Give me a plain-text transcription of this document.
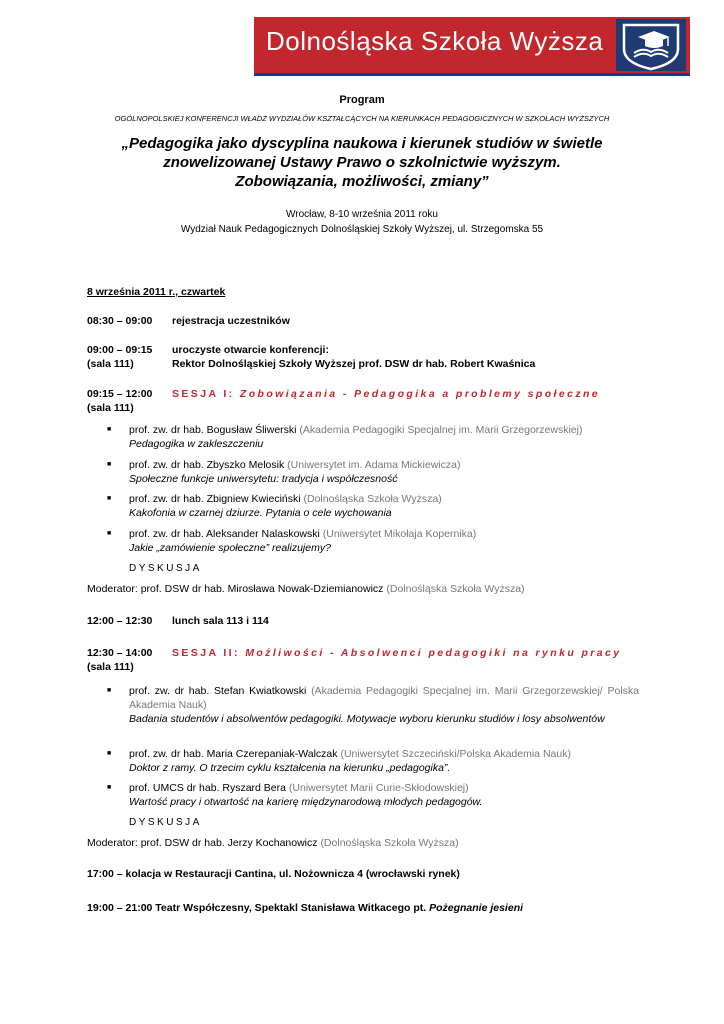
Dolnośląska Szkoła Wyższa
Program
OGÓLNOPOLSKIEJ KONFERENCJI WŁADZ WYDZIAŁÓW KSZTAŁCĄCYCH NA KIERUNKACH PEDAGOGICZNYCH W SZKOŁACH WYŻSZYCH
„Pedagogika jako dyscyplina naukowa i kierunek studiów w świetle
znowelizowanej Ustawy Prawo o szkolnictwie wyższym.
Zobowiązania, możliwości, zmiany”
Wrocław, 8-10 września 2011 roku
Wydział Nauk Pedagogicznych Dolnośląskiej Szkoły Wyższej, ul. Strzegomska 55
8 września 2011 r., czwartek
08:30 – 09:00 rejestracja uczestników
09:00 – 09:15
(sala 111)
uroczyste otwarcie konferencji:
Rektor Dolnośląskiej Szkoły Wyższej prof. DSW dr hab. Robert Kwaśnica
09:15 – 12:00
(sala 111)
SESJA I: Zobowiązania - Pedagogika a problemy społeczne
■ prof. zw. dr hab. Bogusław Śliwerski (Akademia Pedagogiki Specjalnej im. Marii Grzegorzewskiej)
Pedagogika w zakleszczeniu
■ prof. zw. dr hab. Zbyszko Melosik (Uniwersytet im. Adama Mickiewicza)
Społeczne funkcje uniwersytetu: tradycja i współczesność
■ prof. zw. dr hab. Zbigniew Kwieciński (Dolnośląska Szkoła Wyższa)
Kakofonia w czarnej dziurze. Pytania o cele wychowania
■ prof. zw. dr hab. Aleksander Nalaskowski (Uniwersytet Mikołaja Kopernika)
Jakie „zamówienie społeczne” realizujemy?
DYSKUSJA
Moderator: prof. DSW dr hab. Mirosława Nowak-Dziemianowicz (Dolnośląska Szkoła Wyższa)
12:00 – 12:30 lunch sala 113 i 114
12:30 – 14:00
(sala 111)
SESJA II: Możliwości - Absolwenci pedagogiki na rynku pracy
■ prof. zw. dr hab. Stefan Kwiatkowski (Akademia Pedagogiki Specjalnej im. Marii Grzegorzewskiej/ Polska Akademia Nauk)
Badania studentów i absolwentów pedagogiki. Motywacje wyboru kierunku studiów i losy absolwentów
■ prof. zw. dr hab. Maria Czerepaniak-Walczak (Uniwersytet Szczeciński/Polska Akademia Nauk)
Doktor z ramy. O trzecim cyklu kształcenia na kierunku „pedagogika”.
■ prof. UMCS dr hab. Ryszard Bera (Uniwersytet Marii Curie-Skłodowskiej)
Wartość pracy i otwartość na karierę międzynarodową młodych pedagogów.
DYSKUSJA
Moderator: prof. DSW dr hab. Jerzy Kochanowicz (Dolnośląska Szkoła Wyższa)
17:00 – kolacja w Restauracji Cantina, ul. Nożownicza 4 (wrocławski rynek)
19:00 – 21:00 Teatr Współczesny, Spektakl Stanisława Witkacego pt. Pożegnanie jesieni
